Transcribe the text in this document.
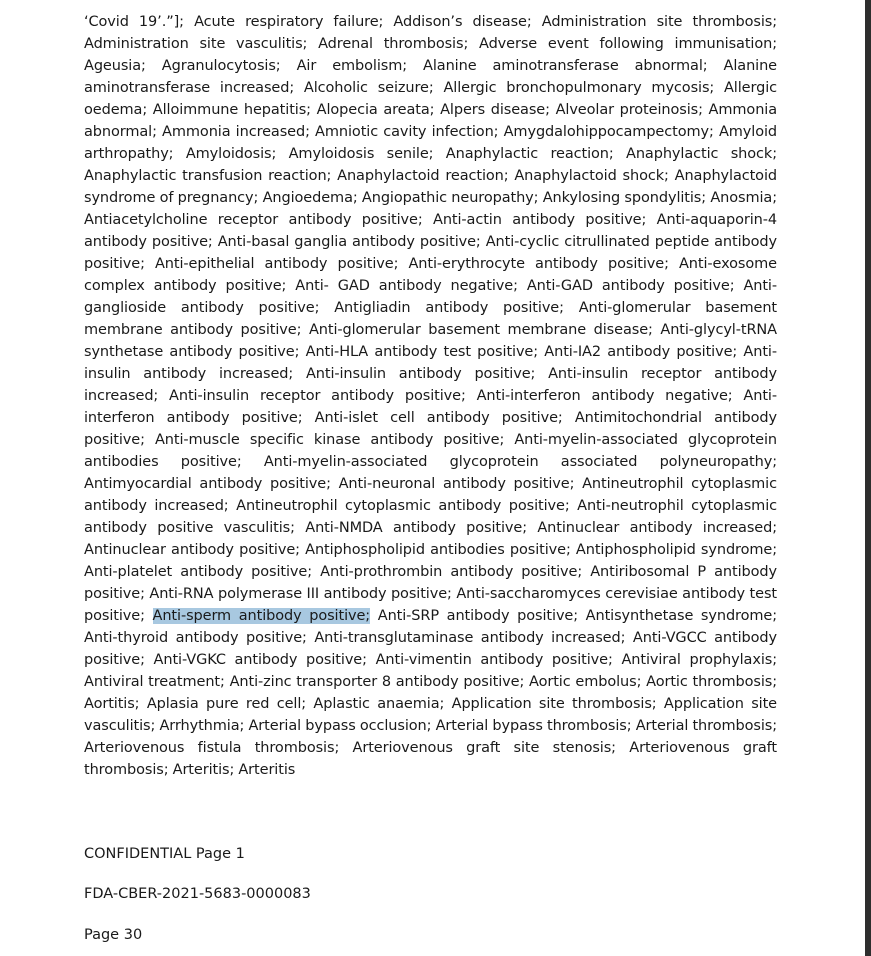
‘Covid 19’.”]; Acute respiratory failure; Addison’s disease; Administration site thrombosis; Administration site vasculitis; Adrenal thrombosis; Adverse event following immunisation; Ageusia; Agranulocytosis; Air embolism; Alanine aminotransferase abnormal; Alanine aminotransferase increased; Alcoholic seizure; Allergic bronchopulmonary mycosis; Allergic oedema; Alloimmune hepatitis; Alopecia areata; Alpers disease; Alveolar proteinosis; Ammonia abnormal; Ammonia increased; Amniotic cavity infection; Amygdalohippocampectomy; Amyloid arthropathy; Amyloidosis; Amyloidosis senile; Anaphylactic reaction; Anaphylactic shock; Anaphylactic transfusion reaction; Anaphylactoid reaction; Anaphylactoid shock; Anaphylactoid syndrome of pregnancy; Angioedema; Angiopathic neuropathy; Ankylosing spondylitis; Anosmia; Antiacetylcholine receptor antibody positive; Anti-actin antibody positive; Anti-aquaporin-4 antibody positive; Anti-basal ganglia antibody positive; Anti-cyclic citrullinated peptide antibody positive; Anti-epithelial antibody positive; Anti-erythrocyte antibody positive; Anti-exosome complex antibody positive; Anti- GAD antibody negative; Anti-GAD antibody positive; Anti-ganglioside antibody positive; Antigliadin antibody positive; Anti-glomerular basement membrane antibody positive; Anti-glomerular basement membrane disease; Anti-glycyl-tRNA synthetase antibody positive; Anti-HLA antibody test positive; Anti-IA2 antibody positive; Anti-insulin antibody increased; Anti-insulin antibody positive; Anti-insulin receptor antibody increased; Anti-insulin receptor antibody positive; Anti-interferon antibody negative; Anti-interferon antibody positive; Anti-islet cell antibody positive; Antimitochondrial antibody positive; Anti-muscle specific kinase antibody positive; Anti-myelin-associated glycoprotein antibodies positive; Anti-myelin-associated glycoprotein associated polyneuropathy; Antimyocardial antibody positive; Anti-neuronal antibody positive; Antineutrophil cytoplasmic antibody increased; Antineutrophil cytoplasmic antibody positive; Anti-neutrophil cytoplasmic antibody positive vasculitis; Anti-NMDA antibody positive; Antinuclear antibody increased; Antinuclear antibody positive; Antiphospholipid antibodies positive; Antiphospholipid syndrome; Anti-platelet antibody positive; Anti-prothrombin antibody positive; Antiribosomal P antibody positive; Anti-RNA polymerase III antibody positive; Anti-saccharomyces cerevisiae antibody test positive; Anti-sperm antibody positive; Anti-SRP antibody positive; Antisynthetase syndrome; Anti-thyroid antibody positive; Anti-transglutaminase antibody increased; Anti-VGCC antibody positive; Anti-VGKC antibody positive; Anti-vimentin antibody positive; Antiviral prophylaxis; Antiviral treatment; Anti-zinc transporter 8 antibody positive; Aortic embolus; Aortic thrombosis; Aortitis; Aplasia pure red cell; Aplastic anaemia; Application site thrombosis; Application site vasculitis; Arrhythmia; Arterial bypass occlusion; Arterial bypass thrombosis; Arterial thrombosis; Arteriovenous fistula thrombosis; Arteriovenous graft site stenosis; Arteriovenous graft thrombosis; Arteritis; Arteritis

CONFIDENTIAL Page 1

FDA-CBER-2021-5683-0000083

Page 30
